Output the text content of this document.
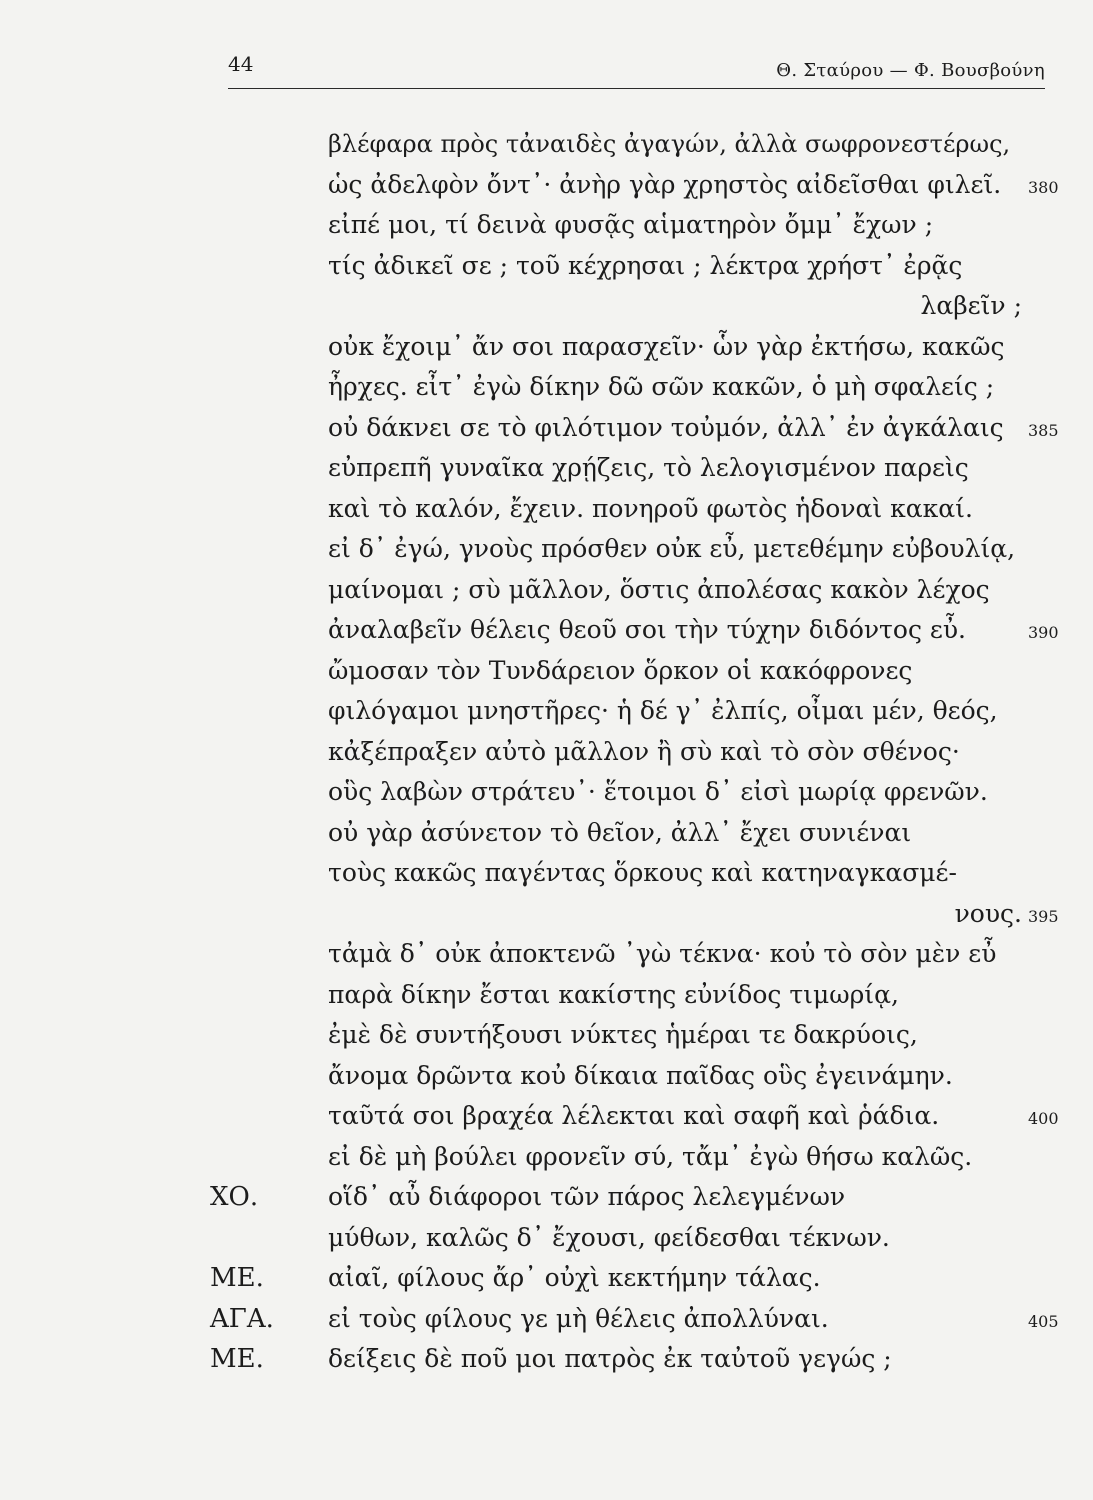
44	Θ. Σταύρου — Φ. Βουσβούνη
βλέφαρα πρὸς τἀναιδὲς ἀγαγών, ἀλλὰ σωφρονεστέρως,
ὡς ἀδελφὸν ὄντ᾽· ἀνὴρ γὰρ χρηστὸς αἰδεῖσθαι φιλεῖ. 380
εἰπέ μοι, τί δεινὰ φυσᾷς αἱματηρὸν ὄμμ᾽ ἔχων ;
τίς ἀδικεῖ σε ; τοῦ κέχρησαι ; λέκτρα χρήστ᾽ ἐρᾷς
λαβεῖν ;
οὐκ ἔχοιμ᾽ ἄν σοι παρασχεῖν· ὧν γὰρ ἐκτήσω, κακῶς
ἦρχες. εἶτ᾽ ἐγὼ δίκην δῶ σῶν κακῶν, ὁ μὴ σφαλείς ;
οὐ δάκνει σε τὸ φιλότιμον τοὐμόν, ἀλλ᾽ ἐν ἀγκάλαις 385
εὐπρεπῆ γυναῖκα χρῄζεις, τὸ λελογισμένον παρεὶς
καὶ τὸ καλόν, ἔχειν. πονηροῦ φωτὸς ἡδοναὶ κακαί.
εἰ δ᾽ ἐγώ, γνοὺς πρόσθεν οὐκ εὖ, μετεθέμην εὐβουλίᾳ,
μαίνομαι ; σὺ μᾶλλον, ὅστις ἀπολέσας κακὸν λέχος
ἀναλαβεῖν θέλεις θεοῦ σοι τὴν τύχην διδόντος εὖ.	390
ὤμοσαν τὸν Τυνδάρειον ὅρκον οἱ κακόφρονες
φιλόγαμοι μνηστῆρες· ἡ δέ γ᾽ ἐλπίς, οἶμαι μέν, θεός,
κἀξέπραξεν αὐτὸ μᾶλλον ἢ σὺ καὶ τὸ σὸν σθένος·
οὓς λαβὼν στράτευ᾽· ἕτοιμοι δ᾽ εἰσὶ μωρίᾳ φρενῶν.
οὐ γὰρ ἀσύνετον τὸ θεῖον, ἀλλ᾽ ἔχει συνιέναι
τοὺς κακῶς παγέντας ὅρκους καὶ κατηναγκασμέ-
νους. 395
τἀμὰ δ᾽ οὐκ ἀποκτενῶ ᾽γὼ τέκνα· κοὐ τὸ σὸν μὲν εὖ
παρὰ δίκην ἔσται κακίστης εὐνίδος τιμωρίᾳ,
ἐμὲ δὲ συντήξουσι νύκτες ἡμέραι τε δακρύοις,
ἄνομα δρῶντα κοὐ δίκαια παῖδας οὓς ἐγεινάμην.
ταῦτά σοι βραχέα λέλεκται καὶ σαφῆ καὶ ῥάδια.	400
εἰ δὲ μὴ βούλει φρονεῖν σύ, τἄμ᾽ ἐγὼ θήσω καλῶς.
ΧΟ.	οἵδ᾽ αὖ διάφοροι τῶν πάρος λελεγμένων
μύθων, καλῶς δ᾽ ἔχουσι, φείδεσθαι τέκνων.
ΜΕ.	αἰαῖ, φίλους ἄρ᾽ οὐχὶ κεκτήμην τάλας.
ΑΓΑ. εἰ τοὺς φίλους γε μὴ θέλεις ἀπολλύναι.	405
ΜΕ.	δείξεις δὲ ποῦ μοι πατρὸς ἐκ ταὐτοῦ γεγώς ;
